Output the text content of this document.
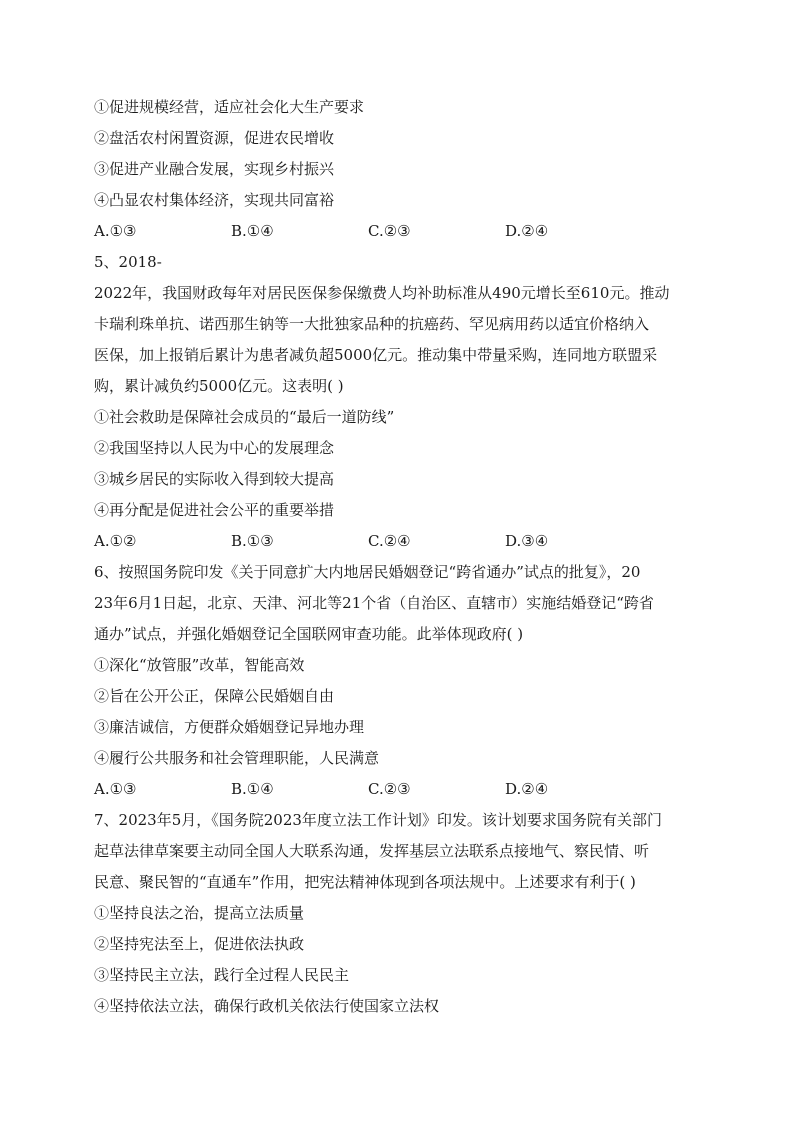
①促进规模经营，适应社会化大生产要求
②盘活农村闲置资源，促进农民增收
③促进产业融合发展，实现乡村振兴
④凸显农村集体经济，实现共同富裕
A.①③	B.①④	C.②③	D.②④
5、2018-
2022年，我国财政每年对居民医保参保缴费人均补助标准从490元增长至610元。推动
卡瑞利珠单抗、诺西那生钠等一大批独家品种的抗癌药、罕见病用药以适宜价格纳入
医保，加上报销后累计为患者减负超5000亿元。推动集中带量采购，连同地方联盟采
购，累计减负约5000亿元。这表明( )
①社会救助是保障社会成员的“最后一道防线”
②我国坚持以人民为中心的发展理念
③城乡居民的实际收入得到较大提高
④再分配是促进社会公平的重要举措
A.①②	B.①③	C.②④	D.③④
6、按照国务院印发《关于同意扩大内地居民婚姻登记“跨省通办”试点的批复》，20
23年6月1日起，北京、天津、河北等21个省（自治区、直辖市）实施结婚登记“跨省
通办”试点，并强化婚姻登记全国联网审查功能。此举体现政府( )
①深化“放管服”改革，智能高效
②旨在公开公正，保障公民婚姻自由
③廉洁诚信，方便群众婚姻登记异地办理
④履行公共服务和社会管理职能，人民满意
A.①③	B.①④	C.②③	D.②④
7、2023年5月，《国务院2023年度立法工作计划》印发。该计划要求国务院有关部门
起草法律草案要主动同全国人大联系沟通，发挥基层立法联系点接地气、察民情、听
民意、聚民智的“直通车”作用，把宪法精神体现到各项法规中。上述要求有利于( )
①坚持良法之治，提高立法质量
②坚持宪法至上，促进依法执政
③坚持民主立法，践行全过程人民民主
④坚持依法立法，确保行政机关依法行使国家立法权
